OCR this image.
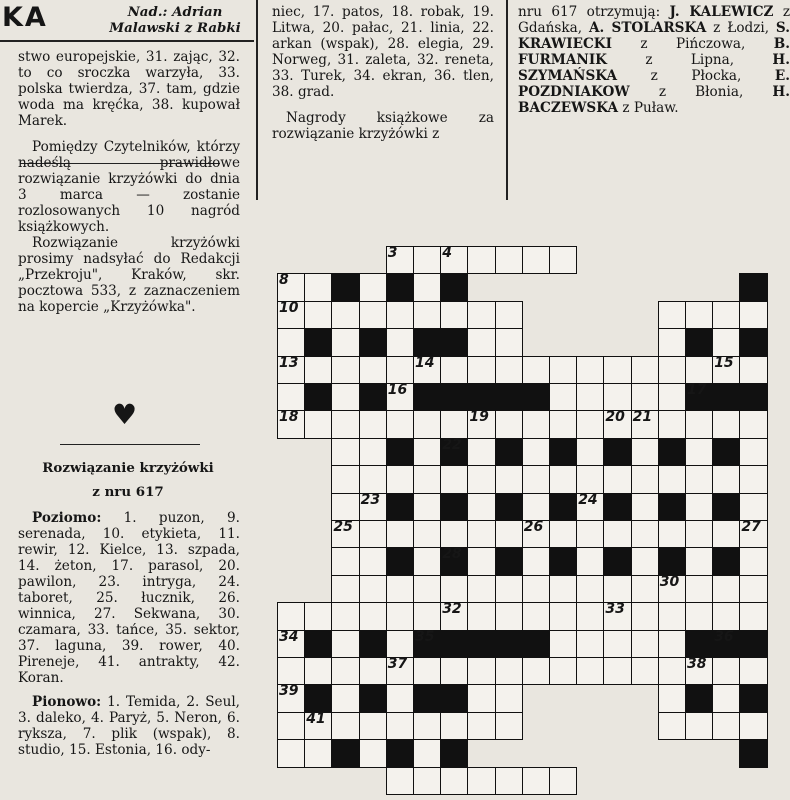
KA	Nad.: Adrian
Malawski z Rabki

stwo europejskie, 31. zając, 32. to co sroczka warzyła, 33. polska twierdza, 37. tam, gdzie woda ma kręćka, 38. kupował Marek.

Pomiędzy Czytelników, którzy nadeślą prawidłowe rozwiązanie krzyżówki do dnia 3 marca — zostanie rozlosowanych 10 nagród książkowych.

Rozwiązanie krzyżówki prosimy nadsyłać do Redakcji „Przekroju", Kraków, skr. pocztowa 533, z zaznaczeniem na kopercie „Krzyżówka".

♥
Rozwiązanie krzyżówki
z nru 617

Poziomo: 1. puzon, 9. serenada, 10. etykieta, 11. rewir, 12. Kielce, 13. szpada, 14. żeton, 17. parasol, 20. pawilon, 23. intryga, 24. taboret, 25. łucznik, 26. winnica, 27. Sekwana, 30. czamara, 33. tańce, 35. sektor, 37. laguna, 39. rower, 40. Pireneje, 41. antrakty, 42. Koran.

Pionowo: 1. Temida, 2. Seul, 3. daleko, 4. Paryż, 5. Neron, 6. ryksza, 7. plik (wspak), 8. studio, 15. Estonia, 16. ody-

niec, 17. patos, 18. robak, 19. Litwa, 20. pałac, 21. linia, 22. arkan (wspak), 28. elegia, 29. Norweg, 31. zaleta, 32. reneta, 33. Turek, 34. ekran, 36. tlen, 38. grad.

Nagrody książkowe za rozwiązanie krzyżówki z

nru 617 otrzymują: J. KALEWICZ z Gdańska, A. STOLARSKA z Łodzi, S. KRAWIECKI z Pińczowa, B. FURMANIK z Lipna, H. SZYMAŃSKA z Płocka, E. POZDNIAKOW z Błonia, H. BACZEWSKA z Puław.

3	4
8
10
13	14	15
16	17
18	19	20 21
22
23	24
25	26	27
28
30
32	33
34	35	36
37	38
39
41
